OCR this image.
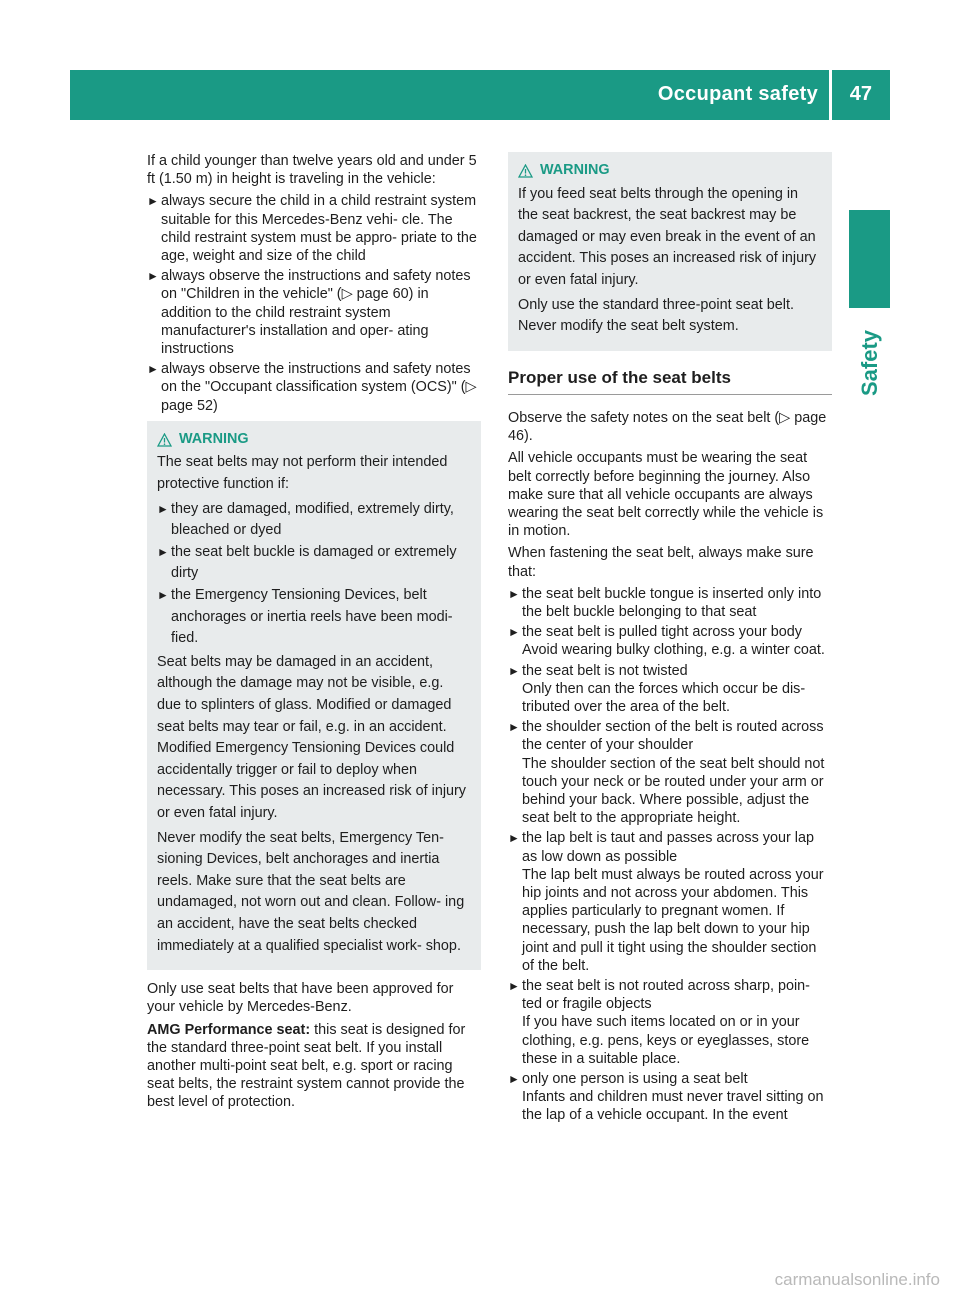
Occupant safety 47
Safety

If a child younger than twelve years old and under 5 ft (1.50 m) in height is traveling in the vehicle:

► always secure the child in a child restraint system suitable for this Mercedes-Benz vehi- cle. The child restraint system must be appro- priate to the age, weight and size of the child
► always observe the instructions and safety notes on "Children in the vehicle" (▷ page 60) in addition to the child restraint system manufacturer's installation and oper- ating instructions
► always observe the instructions and safety notes on the "Occupant classification system (OCS)" (▷ page 52)
WARNING

The seat belts may not perform their intended protective function if:

► they are damaged, modified, extremely dirty, bleached or dyed
► the seat belt buckle is damaged or extremely dirty
► the Emergency Tensioning Devices, belt anchorages or inertia reels have been modi- fied.

Seat belts may be damaged in an accident, although the damage may not be visible, e.g. due to splinters of glass. Modified or damaged seat belts may tear or fail, e.g. in an accident. Modified Emergency Tensioning Devices could accidentally trigger or fail to deploy when necessary. This poses an increased risk of injury or even fatal injury.

Never modify the seat belts, Emergency Ten- sioning Devices, belt anchorages and inertia reels. Make sure that the seat belts are undamaged, not worn out and clean. Follow- ing an accident, have the seat belts checked immediately at a qualified specialist work- shop.

Only use seat belts that have been approved for your vehicle by Mercedes-Benz.

AMG Performance seat: this seat is designed for the standard three-point seat belt. If you install another multi-point seat belt, e.g. sport or racing seat belts, the restraint system cannot provide the best level of protection.

WARNING

If you feed seat belts through the opening in the seat backrest, the seat backrest may be damaged or may even break in the event of an accident. This poses an increased risk of injury or even fatal injury.

Only use the standard three-point seat belt. Never modify the seat belt system.

Proper use of the seat belts

Observe the safety notes on the seat belt (▷ page 46).

All vehicle occupants must be wearing the seat belt correctly before beginning the journey. Also make sure that all vehicle occupants are always wearing the seat belt correctly while the vehicle is in motion.

When fastening the seat belt, always make sure that:

► the seat belt buckle tongue is inserted only into the belt buckle belonging to that seat
► the seat belt is pulled tight across your body
Avoid wearing bulky clothing, e.g. a winter coat.
► the seat belt is not twisted
Only then can the forces which occur be dis- tributed over the area of the belt.
► the shoulder section of the belt is routed across the center of your shoulder
The shoulder section of the seat belt should not touch your neck or be routed under your arm or behind your back. Where possible, adjust the seat belt to the appropriate height.
► the lap belt is taut and passes across your lap as low down as possible
The lap belt must always be routed across your hip joints and not across your abdomen. This applies particularly to pregnant women. If necessary, push the lap belt down to your hip joint and pull it tight using the shoulder section of the belt.
► the seat belt is not routed across sharp, poin- ted or fragile objects
If you have such items located on or in your clothing, e.g. pens, keys or eyeglasses, store these in a suitable place.
► only one person is using a seat belt
Infants and children must never travel sitting on the lap of a vehicle occupant. In the event
carmanualsonline.info
